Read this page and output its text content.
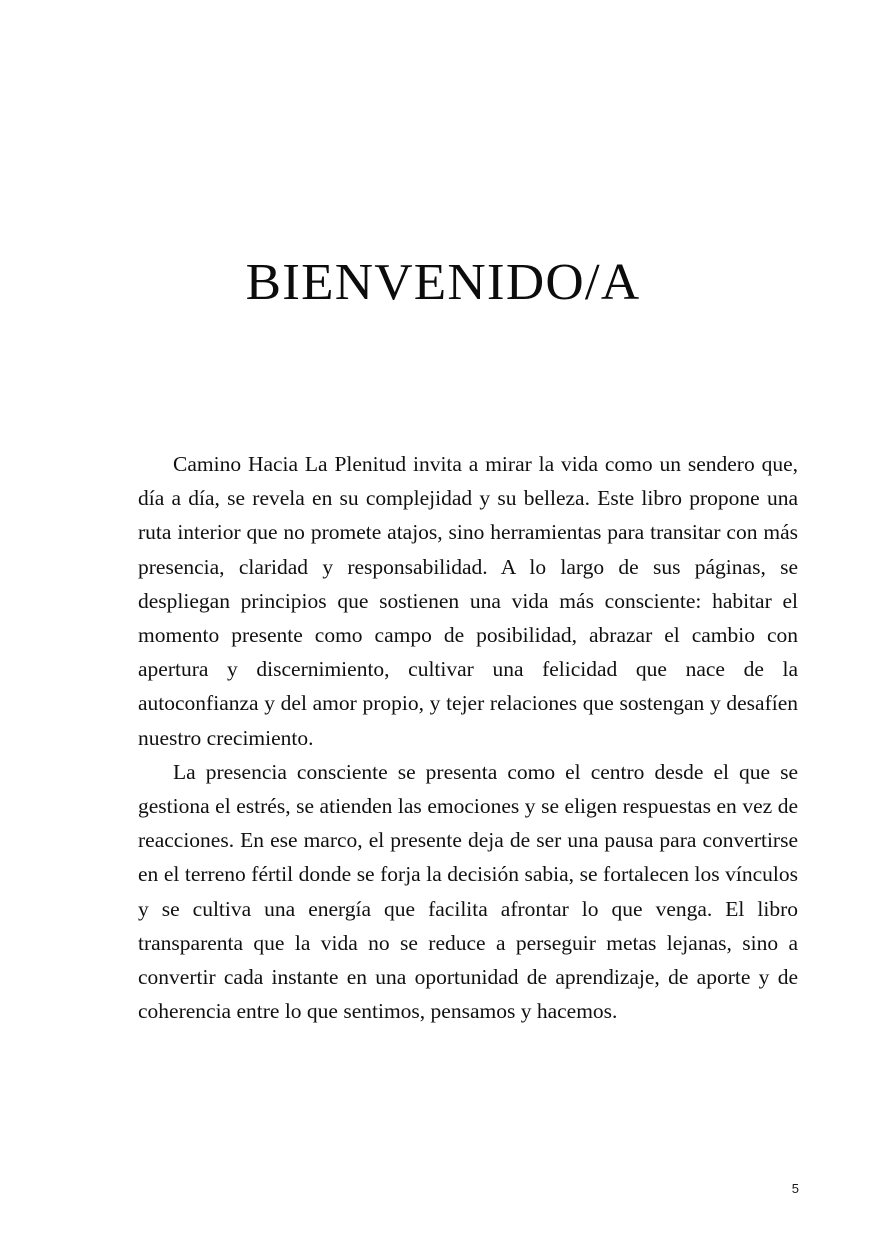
BIENVENIDO/A

Camino Hacia La Plenitud invita a mirar la vida como un sendero que, día a día, se revela en su complejidad y su belleza. Este libro propone una ruta interior que no promete atajos, sino herramientas para transitar con más presencia, claridad y responsabilidad. A lo largo de sus páginas, se despliegan principios que sostienen una vida más consciente: habitar el momento presente como campo de posibilidad, abrazar el cambio con apertura y discernimiento, cultivar una felicidad que nace de la autoconfianza y del amor propio, y tejer relaciones que sostengan y desafíen nuestro crecimiento.

La presencia consciente se presenta como el centro desde el que se gestiona el estrés, se atienden las emociones y se eligen respuestas en vez de reacciones. En ese marco, el presente deja de ser una pausa para convertirse en el terreno fértil donde se forja la decisión sabia, se fortalecen los vínculos y se cultiva una energía que facilita afrontar lo que venga. El libro transparenta que la vida no se reduce a perseguir metas lejanas, sino a convertir cada instante en una oportunidad de aprendizaje, de aporte y de coherencia entre lo que sentimos, pensamos y hacemos.

5
